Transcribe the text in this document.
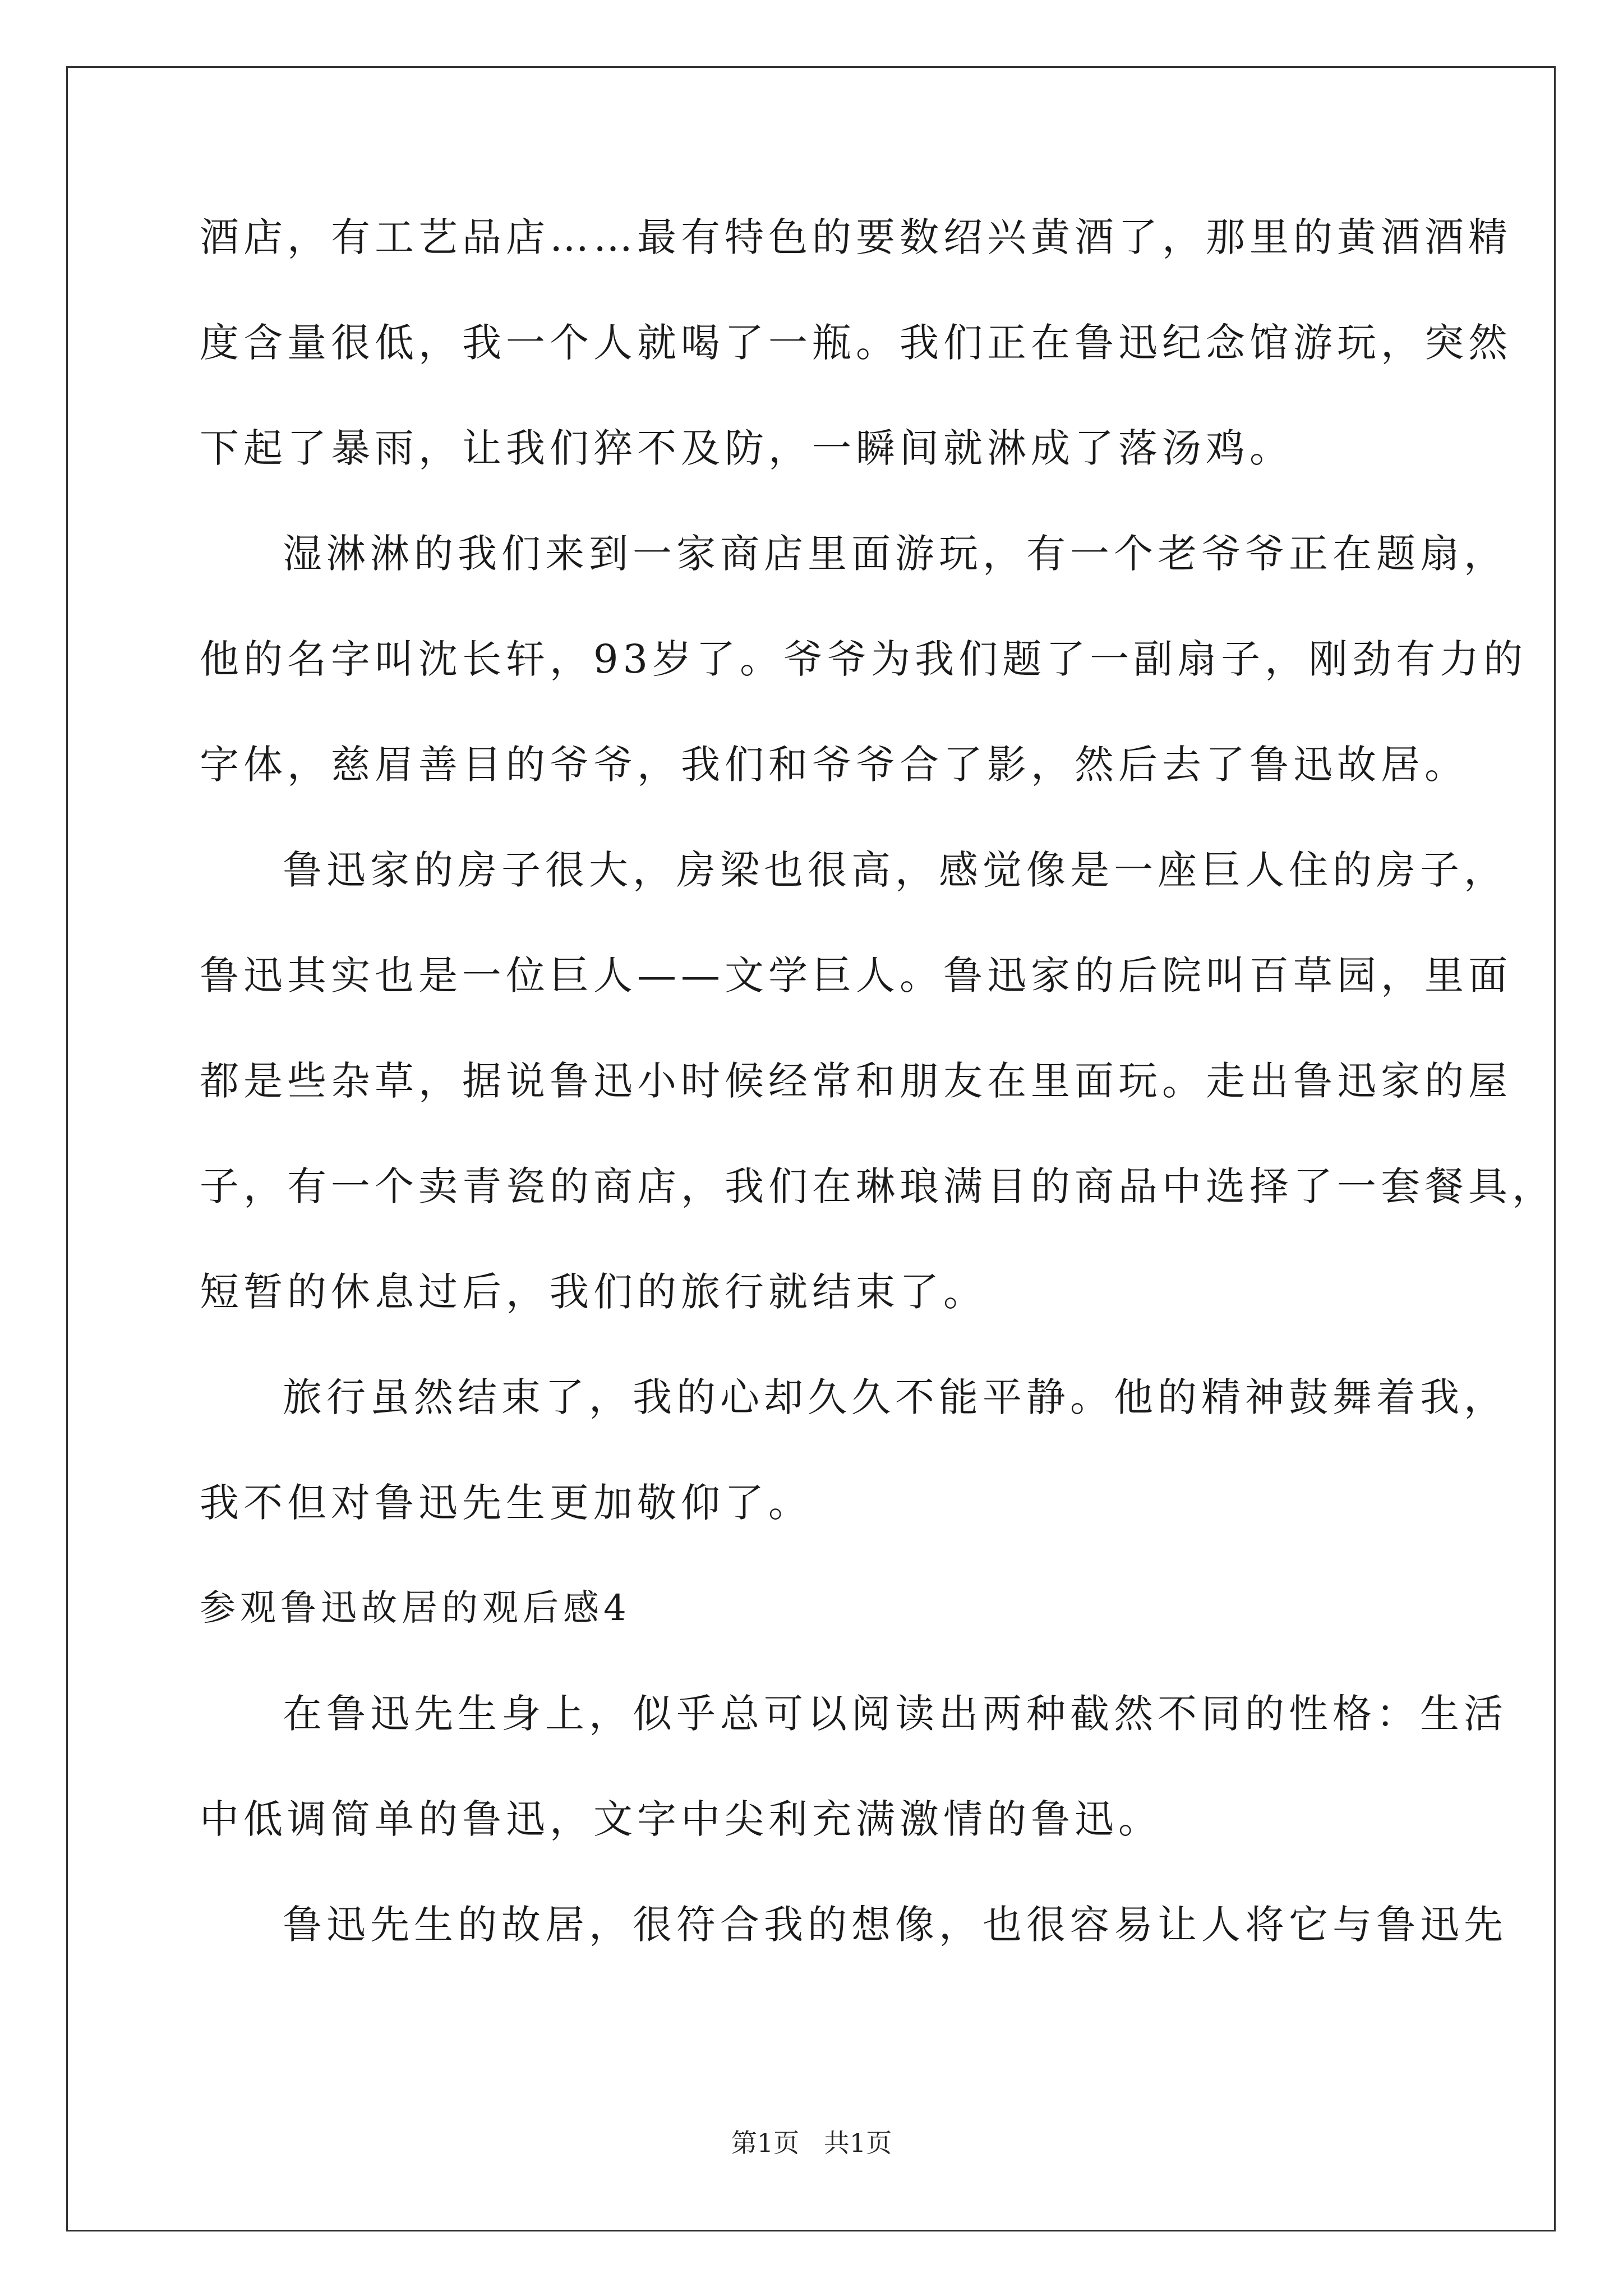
酒店，有工艺品店……最有特色的要数绍兴黄酒了，那里的黄酒酒精
度含量很低，我一个人就喝了一瓶。我们正在鲁迅纪念馆游玩，突然
下起了暴雨，让我们猝不及防，一瞬间就淋成了落汤鸡。
湿淋淋的我们来到一家商店里面游玩，有一个老爷爷正在题扇，
他的名字叫沈长轩，93岁了。爷爷为我们题了一副扇子，刚劲有力的
字体，慈眉善目的爷爷，我们和爷爷合了影，然后去了鲁迅故居。
鲁迅家的房子很大，房梁也很高，感觉像是一座巨人住的房子，
鲁迅其实也是一位巨人——文学巨人。鲁迅家的后院叫百草园，里面
都是些杂草，据说鲁迅小时候经常和朋友在里面玩。走出鲁迅家的屋
子，有一个卖青瓷的商店，我们在琳琅满目的商品中选择了一套餐具，
短暂的休息过后，我们的旅行就结束了。
旅行虽然结束了，我的心却久久不能平静。他的精神鼓舞着我，
我不但对鲁迅先生更加敬仰了。
参观鲁迅故居的观后感4
在鲁迅先生身上，似乎总可以阅读出两种截然不同的性格：生活
中低调简单的鲁迅，文字中尖利充满激情的鲁迅。
鲁迅先生的故居，很符合我的想像，也很容易让人将它与鲁迅先
第1页   共1页
